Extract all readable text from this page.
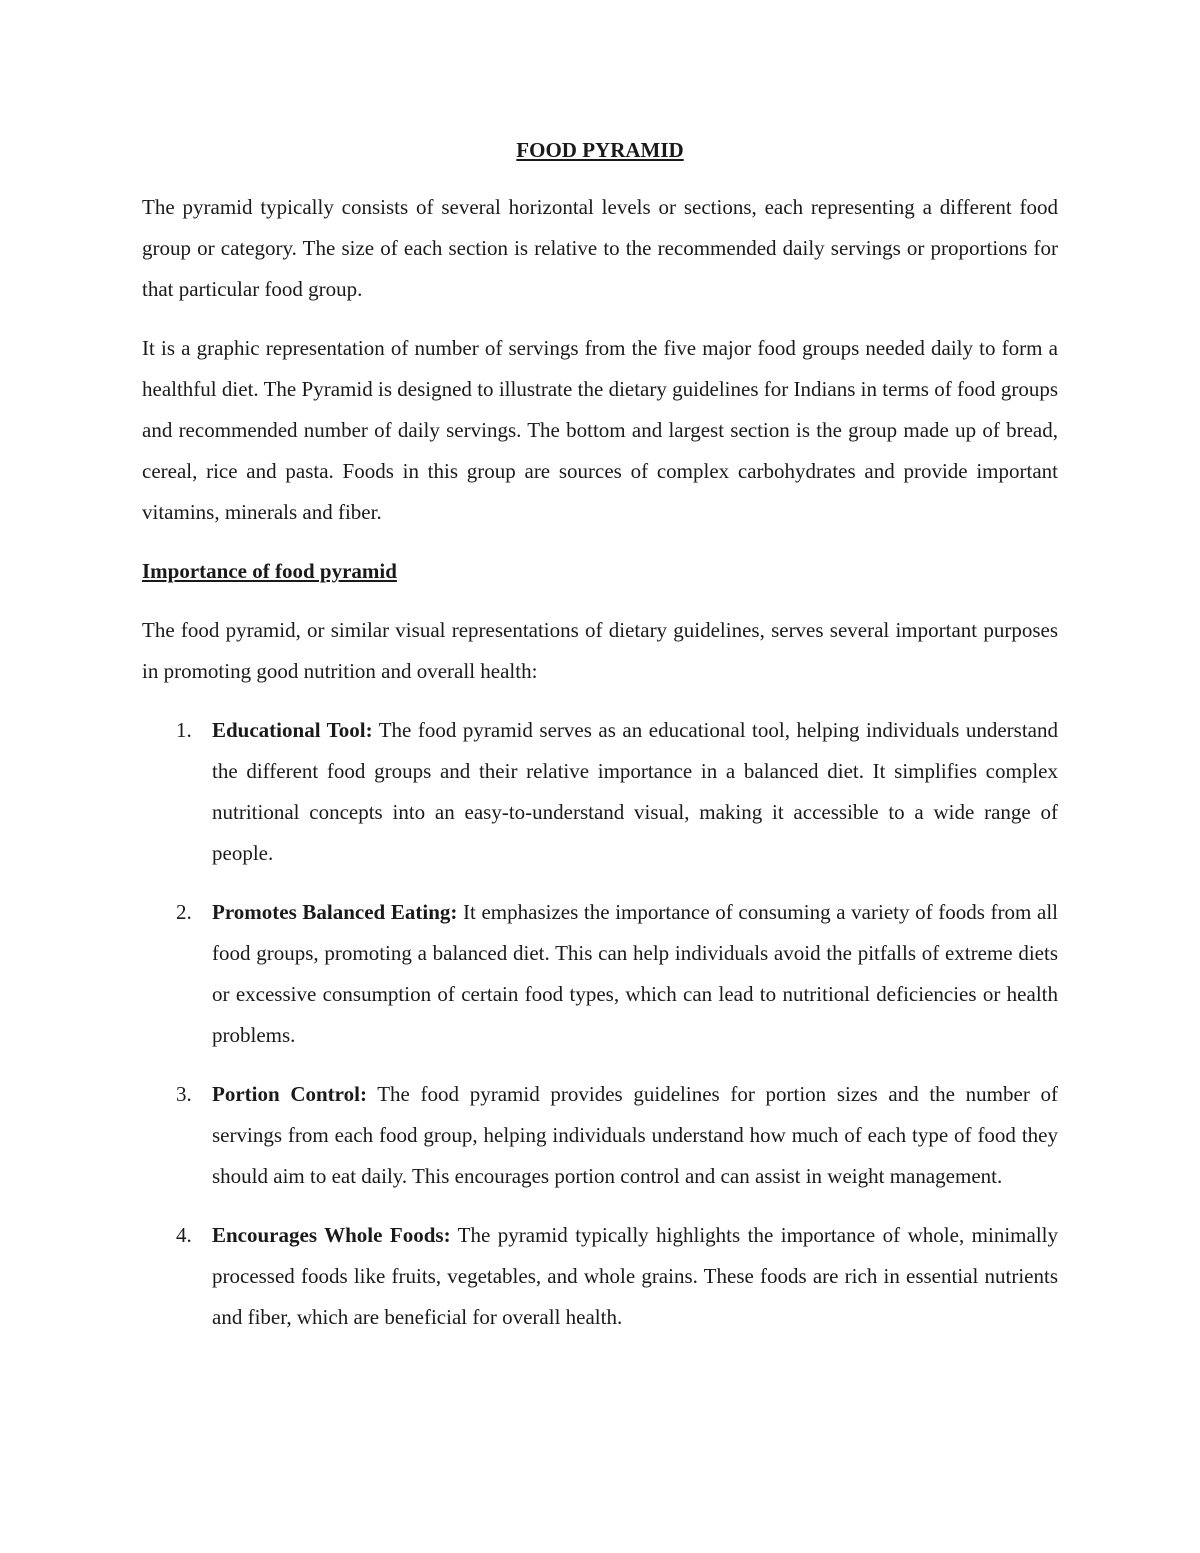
FOOD PYRAMID

The pyramid typically consists of several horizontal levels or sections, each representing a different food group or category. The size of each section is relative to the recommended daily servings or proportions for that particular food group.

It is a graphic representation of number of servings from the five major food groups needed daily to form a healthful diet. The Pyramid is designed to illustrate the dietary guidelines for Indians in terms of food groups and recommended number of daily servings. The bottom and largest section is the group made up of bread, cereal, rice and pasta. Foods in this group are sources of complex carbohydrates and provide important vitamins, minerals and fiber.

Importance of food pyramid

The food pyramid, or similar visual representations of dietary guidelines, serves several important purposes in promoting good nutrition and overall health:

1. Educational Tool: The food pyramid serves as an educational tool, helping individuals understand the different food groups and their relative importance in a balanced diet. It simplifies complex nutritional concepts into an easy-to-understand visual, making it accessible to a wide range of people.
2. Promotes Balanced Eating: It emphasizes the importance of consuming a variety of foods from all food groups, promoting a balanced diet. This can help individuals avoid the pitfalls of extreme diets or excessive consumption of certain food types, which can lead to nutritional deficiencies or health problems.
3. Portion Control: The food pyramid provides guidelines for portion sizes and the number of servings from each food group, helping individuals understand how much of each type of food they should aim to eat daily. This encourages portion control and can assist in weight management.
4. Encourages Whole Foods: The pyramid typically highlights the importance of whole, minimally processed foods like fruits, vegetables, and whole grains. These foods are rich in essential nutrients and fiber, which are beneficial for overall health.
